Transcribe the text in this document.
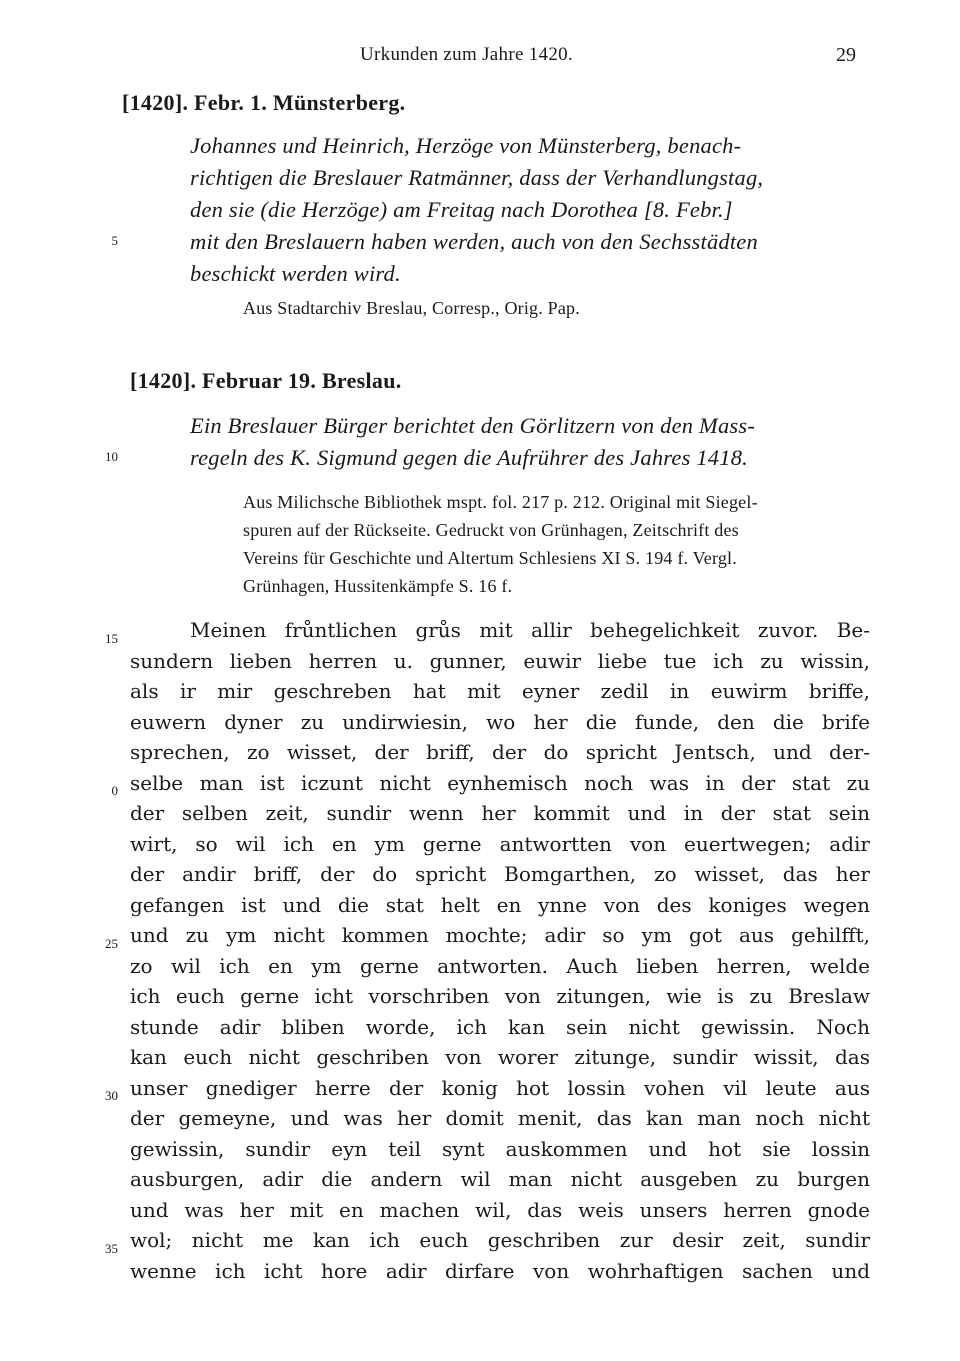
Urkunden zum Jahre 1420.	29
5
10
15
0
25
30
35
[1420]. Febr. 1. Münsterberg.
Johannes und Heinrich, Herzöge von Münsterberg, benach-
richtigen die Breslauer Ratmänner, dass der Verhandlungstag,
den sie (die Herzöge) am Freitag nach Dorothea [8. Febr.]
mit den Breslauern haben werden, auch von den Sechsstädten
beschickt werden wird.
Aus Stadtarchiv Breslau, Corresp., Orig. Pap.
[1420]. Februar 19. Breslau.
Ein Breslauer Bürger berichtet den Görlitzern von den Mass-
regeln des K. Sigmund gegen die Aufrührer des Jahres 1418.
Aus Milichsche Bibliothek mspt. fol. 217 p. 212. Original mit Siegel-
spuren auf der Rückseite. Gedruckt von Grünhagen, Zeitschrift des
Vereins für Geschichte und Altertum Schlesiens XI S. 194 f. Vergl.
Grünhagen, Hussitenkämpfe S. 16 f.
Meinen frůntlichen grůs mit allir behegelichkeit zuvor. Be-
sundern lieben herren u. gunner, euwir liebe tue ich zu wissin,
als ir mir geschreben hat mit eyner zedil in euwirm briffe,
euwern dyner zu undirwiesin, wo her die funde, den die brife
sprechen, zo wisset, der briff, der do spricht Jentsch, und der-
selbe man ist iczunt nicht eynhemisch noch was in der stat zu
der selben zeit, sundir wenn her kommit und in der stat sein
wirt, so wil ich en ym gerne antwortten von euertwegen; adir
der andir briff, der do spricht Bomgarthen, zo wisset, das her
gefangen ist und die stat helt en ynne von des koniges wegen
und zu ym nicht kommen mochte; adir so ym got aus gehilfft,
zo wil ich en ym gerne antworten. Auch lieben herren, welde
ich euch gerne icht vorschriben von zitungen, wie is zu Breslaw
stunde adir bliben worde, ich kan sein nicht gewissin. Noch
kan euch nicht geschriben von worer zitunge, sundir wissit, das
unser gnediger herre der konig hot lossin vohen vil leute aus
der gemeyne, und was her domit menit, das kan man noch nicht
gewissin, sundir eyn teil synt auskommen und hot sie lossin
ausburgen, adir die andern wil man nicht ausgeben zu burgen
und was her mit en machen wil, das weis unsers herren gnode
wol; nicht me kan ich euch geschriben zur desir zeit, sundir
wenne ich icht hore adir dirfare von wohrhaftigen sachen und
